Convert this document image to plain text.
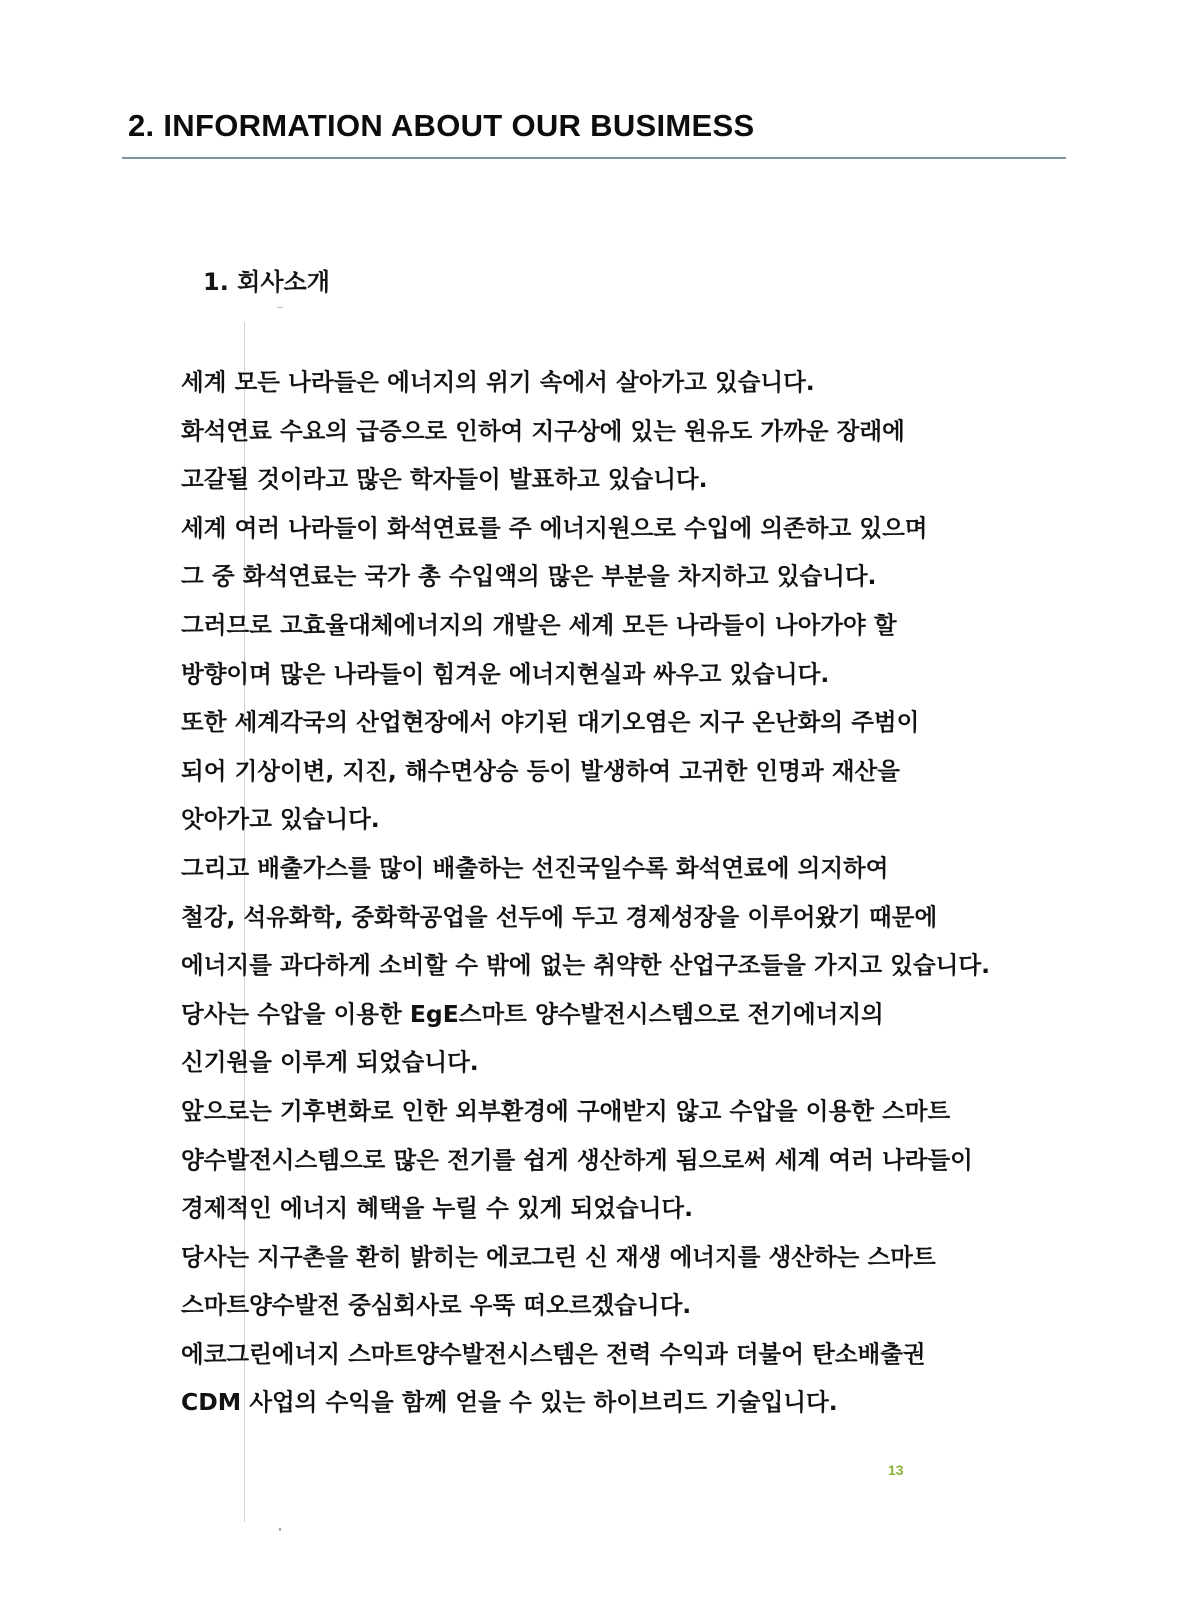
2. INFORMATION ABOUT OUR BUSIMESS
1. 회사소개
세계 모든 나라들은 에너지의 위기 속에서 살아가고 있습니다.
화석연료 수요의 급증으로 인하여 지구상에 있는 원유도 가까운 장래에
고갈될 것이라고 많은 학자들이 발표하고 있습니다.
세계 여러 나라들이 화석연료를 주 에너지원으로 수입에 의존하고 있으며
그 중 화석연료는 국가 총 수입액의 많은 부분을 차지하고 있습니다.
그러므로 고효율대체에너지의 개발은 세계 모든 나라들이 나아가야 할
방향이며 많은 나라들이 힘겨운 에너지현실과 싸우고 있습니다.
또한 세계각국의 산업현장에서 야기된 대기오염은 지구 온난화의 주범이
되어 기상이변, 지진, 해수면상승 등이 발생하여 고귀한 인명과 재산을
앗아가고 있습니다.
그리고 배출가스를 많이 배출하는 선진국일수록 화석연료에 의지하여
철강, 석유화학, 중화학공업을 선두에 두고 경제성장을 이루어왔기 때문에
에너지를 과다하게 소비할 수 밖에 없는 취약한 산업구조들을 가지고 있습니다.
당사는 수압을 이용한 EgE스마트 양수발전시스템으로 전기에너지의
신기원을 이루게 되었습니다.
앞으로는 기후변화로 인한 외부환경에 구애받지 않고 수압을 이용한 스마트
양수발전시스템으로 많은 전기를 쉽게 생산하게 됨으로써 세계 여러 나라들이
경제적인 에너지 혜택을 누릴 수 있게 되었습니다.
당사는 지구촌을 환히 밝히는 에코그린 신 재생 에너지를 생산하는 스마트
스마트양수발전 중심회사로 우뚝 떠오르겠습니다.
에코그린에너지 스마트양수발전시스템은 전력 수익과 더불어 탄소배출권
CDM 사업의 수익을 함께 얻을 수 있는 하이브리드 기술입니다.
13
